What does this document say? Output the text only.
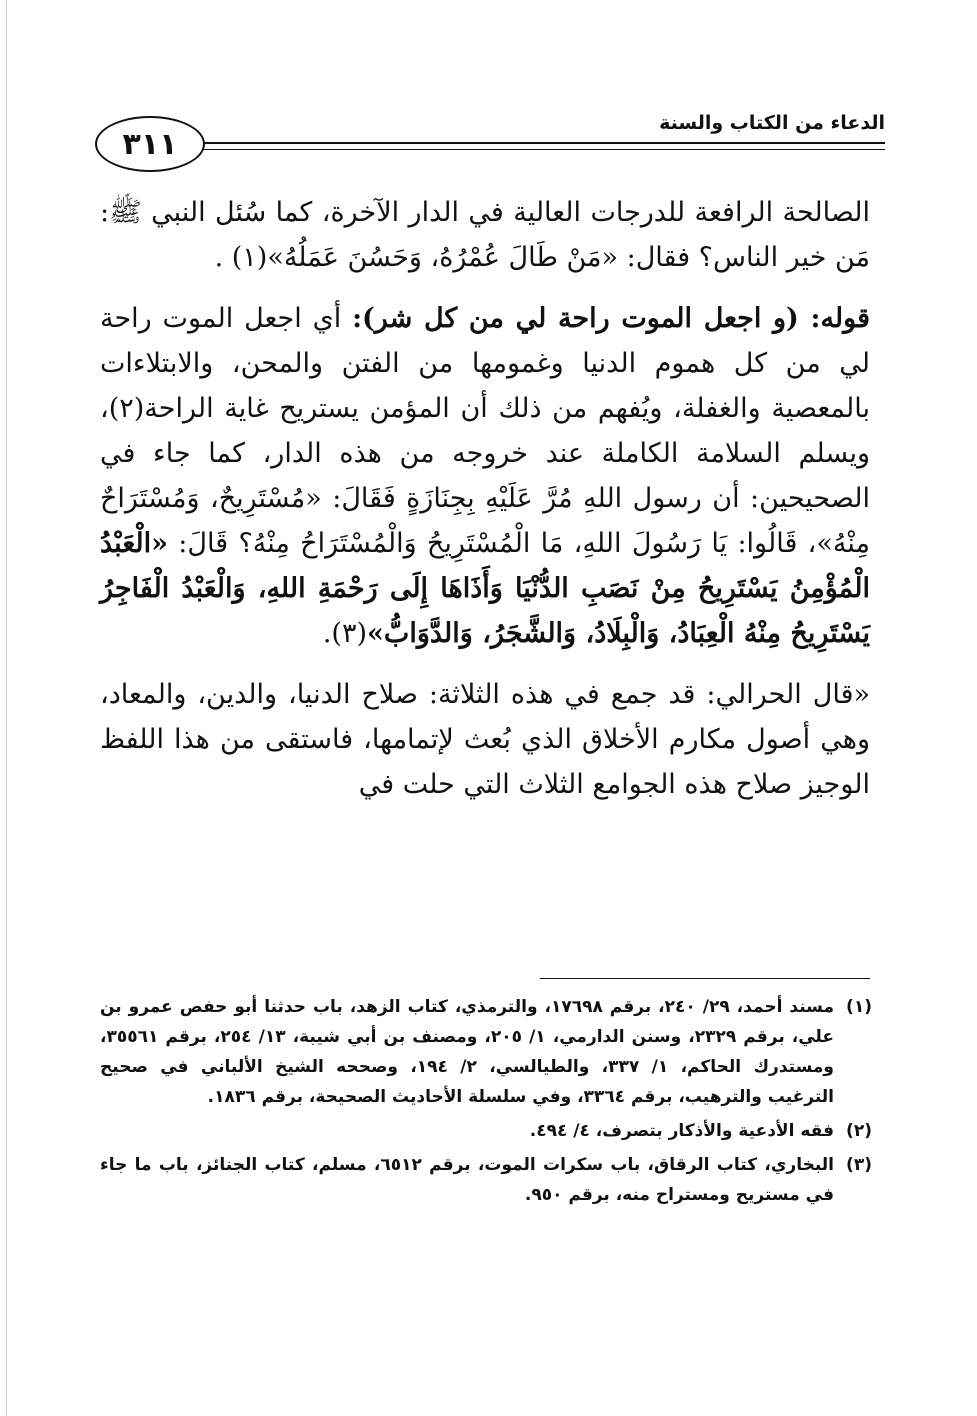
٣١١
الدعاء من الكتاب والسنة

الصالحة الرافعة للدرجات العالية في الدار الآخرة، كما سُئل النبي ﷺ: مَن خير الناس؟ فقال: «مَنْ طَالَ عُمْرُهُ، وَحَسُنَ عَمَلُهُ»(١) .

قوله: (و اجعل الموت راحة لي من كل شر): أي اجعل الموت راحة لي من كل هموم الدنيا وغمومها من الفتن والمحن، والابتلاءات بالمعصية والغفلة، ويُفهم من ذلك أن المؤمن يستريح غاية الراحة(٢)، ويسلم السلامة الكاملة عند خروجه من هذه الدار، كما جاء في الصحيحين: أن رسول اللهِ مُرَّ عَلَيْهِ بِجِنَازَةٍ فَقَالَ: «مُسْتَرِيحٌ، وَمُسْتَرَاحٌ مِنْهُ»، قَالُوا: يَا رَسُولَ اللهِ، مَا الْمُسْتَرِيحُ وَالْمُسْتَرَاحُ مِنْهُ؟ قَالَ: «الْعَبْدُ الْمُؤْمِنُ يَسْتَرِيحُ مِنْ نَصَبِ الدُّنْيَا وَأَذَاهَا إِلَى رَحْمَةِ اللهِ، وَالْعَبْدُ الْفَاجِرُ يَسْتَرِيحُ مِنْهُ الْعِبَادُ، وَالْبِلَادُ، وَالشَّجَرُ، وَالدَّوَابُّ»(٣).

«قال الحرالي: قد جمع في هذه الثلاثة: صلاح الدنيا، والدين، والمعاد، وهي أصول مكارم الأخلاق الذي بُعث لإتمامها، فاستقى من هذا اللفظ الوجيز صلاح هذه الجوامع الثلاث التي حلت في

(١)
مسند أحمد، ٢٩/ ٢٤٠، برقم ١٧٦٩٨، والترمذي، كتاب الزهد، باب حدثنا أبو حفص عمرو بن علي، برقم ٢٣٢٩، وسنن الدارمي، ١/ ٢٠٥، ومصنف بن أبي شيبة، ١٣/ ٢٥٤، برقم ٣٥٥٦١، ومستدرك الحاكم، ١/ ٣٣٧، والطيالسي، ٢/ ١٩٤، وصححه الشيخ الألباني في صحيح الترغيب والترهيب، برقم ٣٣٦٤، وفي سلسلة الأحاديث الصحيحة، برقم ١٨٣٦.
(٢)
فقه الأدعية والأذكار بتصرف، ٤/ ٤٩٤.
(٣)
البخاري، كتاب الرقاق، باب سكرات الموت، برقم ٦٥١٢، مسلم، كتاب الجنائز، باب ما جاء في مستريح ومستراح منه، برقم ٩٥٠.
